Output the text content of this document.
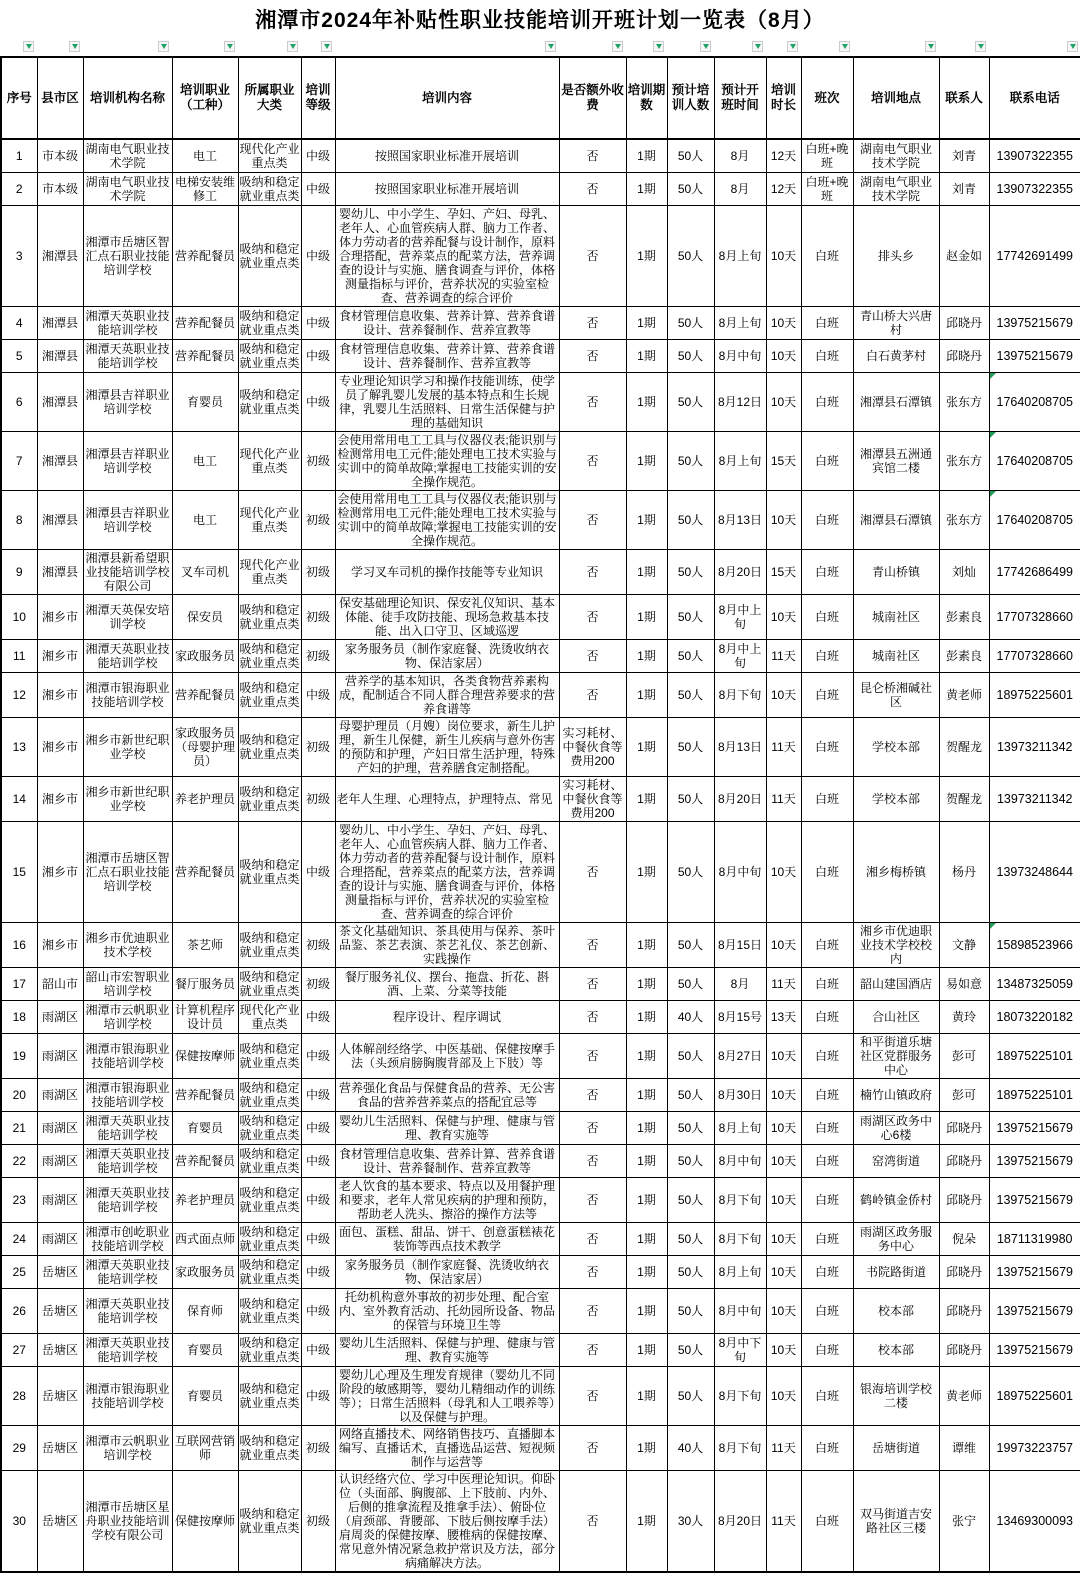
湘潭市2024年补贴性职业技能培训开班计划一览表（8月）
序号	县市区	培训机构名称	培训职业（工种）	所属职业大类	培训等级	培训内容	是否额外收费	培训期数	预计培训人数	预计开班时间	培训时长	班次	培训地点	联系人	联系电话
1	市本级	湖南电气职业技术学院	电工	现代化产业重点类	中级	按照国家职业标准开展培训	否	1期	50人	8月	12天	白班+晚班	湖南电气职业技术学院	刘青	13907322355
2	市本级	湖南电气职业技术学院	电梯安装维修工	吸纳和稳定就业重点类	中级	按照国家职业标准开展培训	否	1期	50人	8月	12天	白班+晚班	湖南电气职业技术学院	刘青	13907322355
3	湘潭县	湘潭市岳塘区智汇点石职业技能培训学校	营养配餐员	吸纳和稳定就业重点类	中级	婴幼儿、中小学生、孕妇、产妇、母乳、老年人、心血管疾病人群、脑力工作者、体力劳动者的营养配餐与设计制作，原料合理搭配，营养菜点的配菜方法，营养调查的设计与实施、膳食调查与评价，体格测量指标与评价，营养状况的实验室检查、营养调查的综合评价	否	1期	50人	8月上旬	10天	白班	排头乡	赵金如	17742691499
4	湘潭县	湘潭天英职业技能培训学校	营养配餐员	吸纳和稳定就业重点类	中级	食材管理信息收集、营养计算、营养食谱设计、营养餐制作、营养宣教等	否	1期	50人	8月上旬	10天	白班	青山桥大兴唐村	邱晓丹	13975215679
5	湘潭县	湘潭天英职业技能培训学校	营养配餐员	吸纳和稳定就业重点类	中级	食材管理信息收集、营养计算、营养食谱设计、营养餐制作、营养宣教等	否	1期	50人	8月中旬	10天	白班	白石黄茅村	邱晓丹	13975215679
6	湘潭县	湘潭县吉祥职业培训学校	育婴员	吸纳和稳定就业重点类	中级	专业理论知识学习和操作技能训练，使学员了解乳婴儿发展的基本特点和生长规律，乳婴儿生活照料、日常生活保健与护理的基础知识	否	1期	50人	8月12日	10天	白班	湘潭县石潭镇	张东方	17640208705
7	湘潭县	湘潭县吉祥职业培训学校	电工	现代化产业重点类	初级	会使用常用电工工具与仪器仪表;能识别与检测常用电工元件;能处理电工技术实验与实训中的简单故障;掌握电工技能实训的安全操作规范。	否	1期	50人	8月上旬	15天	白班	湘潭县五洲通宾馆二楼	张东方	17640208705
8	湘潭县	湘潭县吉祥职业培训学校	电工	现代化产业重点类	初级	会使用常用电工工具与仪器仪表;能识别与检测常用电工元件;能处理电工技术实验与实训中的简单故障;掌握电工技能实训的安全操作规范。	否	1期	50人	8月13日	10天	白班	湘潭县石潭镇	张东方	17640208705
9	湘潭县	湘潭县新希望职业技能培训学校有限公司	叉车司机	现代化产业重点类	初级	学习叉车司机的操作技能等专业知识	否	1期	50人	8月20日	15天	白班	青山桥镇	刘灿	17742686499
10	湘乡市	湘潭天英保安培训学校	保安员	吸纳和稳定就业重点类	初级	保安基础理论知识、保安礼仪知识、基本体能、徒手攻防技能、现场急救基本技能、出入口守卫、区域巡逻	否	1期	50人	8月中上旬	10天	白班	城南社区	彭素良	17707328660
11	湘乡市	湘潭天英职业技能培训学校	家政服务员	吸纳和稳定就业重点类	初级	家务服务员（制作家庭餐、洗烫收纳衣物、保洁家居）	否	1期	50人	8月中上旬	11天	白班	城南社区	彭素良	17707328660
12	湘乡市	湘潭市银海职业技能培训学校	营养配餐员	吸纳和稳定就业重点类	中级	营养学的基本知识，各类食物营养素构成，配制适合不同人群合理营养要求的营养食谱等	否	1期	50人	8月下旬	10天	白班	昆仑桥湘碱社区	黄老师	18975225601
13	湘乡市	湘乡市新世纪职业学校	家政服务员（母婴护理员）	吸纳和稳定就业重点类	初级	母婴护理员（月嫂）岗位要求，新生儿护理，新生儿保健，新生儿疾病与意外伤害的预防和护理，产妇日常生活护理，特殊产妇的护理，营养膳食定制搭配。	实习耗材、中餐伙食等费用200	1期	50人	8月13日	11天	白班	学校本部	贺醒龙	13973211342
14	湘乡市	湘乡市新世纪职业学校	养老护理员	吸纳和稳定就业重点类	初级	老年人生理、心理特点，护理特点、常见	实习耗材、中餐伙食等费用200	1期	50人	8月20日	11天	白班	学校本部	贺醒龙	13973211342
15	湘乡市	湘潭市岳塘区智汇点石职业技能培训学校	营养配餐员	吸纳和稳定就业重点类	中级	婴幼儿、中小学生、孕妇、产妇、母乳、老年人、心血管疾病人群、脑力工作者、体力劳动者的营养配餐与设计制作，原料合理搭配，营养菜点的配菜方法，营养调查的设计与实施、膳食调查与评价，体格测量指标与评价，营养状况的实验室检查、营养调查的综合评价	否	1期	50人	8月中旬	10天	白班	湘乡梅桥镇	杨丹	13973248644
16	湘乡市	湘乡市优迪职业技术学校	茶艺师	吸纳和稳定就业重点类	初级	茶文化基础知识、茶具使用与保养、茶叶品鉴、茶艺表演、茶艺礼仪、茶艺创新、实践操作	否	1期	50人	8月15日	10天	白班	湘乡市优迪职业技术学校校内	文静	15898523966
17	韶山市	韶山市宏智职业培训学校	餐厅服务员	吸纳和稳定就业重点类	初级	餐厅服务礼仪、摆台、拖盘、折花、斟酒、上菜、分菜等技能	否	1期	50人	8月	11天	白班	韶山建国酒店	易如意	13487325059
18	雨湖区	湘潭市云帆职业培训学校	计算机程序设计员	现代化产业重点类	中级	程序设计、程序调试	否	1期	40人	8月15号	13天	白班	合山社区	黄玲	18073220182
19	雨湖区	湘潭市银海职业技能培训学校	保健按摩师	吸纳和稳定就业重点类	中级	人体解剖经络学、中医基础、保健按摩手法（头颈肩膀胸腹背部及上下肢）等	否	1期	50人	8月27日	10天	白班	和平街道乐塘社区党群服务中心	彭可	18975225101
20	雨湖区	湘潭市银海职业技能培训学校	营养配餐员	吸纳和稳定就业重点类	中级	营养强化食品与保健食品的营养、无公害食品的营养营养菜点的搭配宜忌等	否	1期	50人	8月30日	10天	白班	楠竹山镇政府	彭可	18975225101
21	雨湖区	湘潭天英职业技能培训学校	育婴员	吸纳和稳定就业重点类	中级	婴幼儿生活照料、保健与护理、健康与管理、教育实施等	否	1期	50人	8月上旬	10天	白班	雨湖区政务中心6楼	邱晓丹	13975215679
22	雨湖区	湘潭天英职业技能培训学校	营养配餐员	吸纳和稳定就业重点类	中级	食材管理信息收集、营养计算、营养食谱设计、营养餐制作、营养宣教等	否	1期	50人	8月中旬	10天	白班	窑湾街道	邱晓丹	13975215679
23	雨湖区	湘潭天英职业技能培训学校	养老护理员	吸纳和稳定就业重点类	中级	老人饮食的基本要求、特点以及用餐护理和要求，老年人常见疾病的护理和预防，帮助老人洗头、擦浴的操作方法等	否	1期	50人	8月下旬	10天	白班	鹤岭镇金侨村	邱晓丹	13975215679
24	雨湖区	湘潭市创屹职业技能培训学校	西式面点师	吸纳和稳定就业重点类	中级	面包、蛋糕、甜品、饼干、创意蛋糕裱花装饰等西点技术教学	否	1期	50人	8月下旬	10天	白班	雨湖区政务服务中心	倪朵	18711319980
25	岳塘区	湘潭天英职业技能培训学校	家政服务员	吸纳和稳定就业重点类	中级	家务服务员（制作家庭餐、洗烫收纳衣物、保洁家居）	否	1期	50人	8月上旬	10天	白班	书院路街道	邱晓丹	13975215679
26	岳塘区	湘潭天英职业技能培训学校	保育师	吸纳和稳定就业重点类	中级	托幼机构意外事故的初步处理、配合室内、室外教育活动、托幼园所设备、物品的保管与环境卫生等	否	1期	50人	8月中旬	10天	白班	校本部	邱晓丹	13975215679
27	岳塘区	湘潭天英职业技能培训学校	育婴员	吸纳和稳定就业重点类	中级	婴幼儿生活照料、保健与护理、健康与管理、教育实施等	否	1期	50人	8月中下旬	10天	白班	校本部	邱晓丹	13975215679
28	岳塘区	湘潭市银海职业技能培训学校	育婴员	吸纳和稳定就业重点类	中级	婴幼儿心理及生理发育规律（婴幼儿不同阶段的敏感期等，婴幼儿精细动作的训练等）；日常生活照料（母乳和人工喂养等）以及保健与护理。	否	1期	50人	8月下旬	10天	白班	银海培训学校二楼	黄老师	18975225601
29	岳塘区	湘潭市云帆职业培训学校	互联网营销师	吸纳和稳定就业重点类	初级	网络直播技术、网络销售技巧、直播脚本编写、直播话术，直播选品运营、短视频制作与运营等	否	1期	40人	8月下旬	11天	白班	岳塘街道	谭维	19973223757
30	岳塘区	湘潭市岳塘区星舟职业技能培训学校有限公司	保健按摩师	吸纳和稳定就业重点类	初级	认识经络穴位、学习中医理论知识。仰卧位（头面部、胸腹部、上下肢前、内外、后侧的推拿流程及推拿手法）、俯卧位（肩颈部、背腰部、下肢后侧按摩手法）肩周炎的保健按摩、腰椎病的保健按摩、常见意外情况紧急救护常识及方法，部分病痛解决方法。	否	1期	30人	8月20日	11天	白班	双马街道吉安路社区三楼	张宁	13469300093
